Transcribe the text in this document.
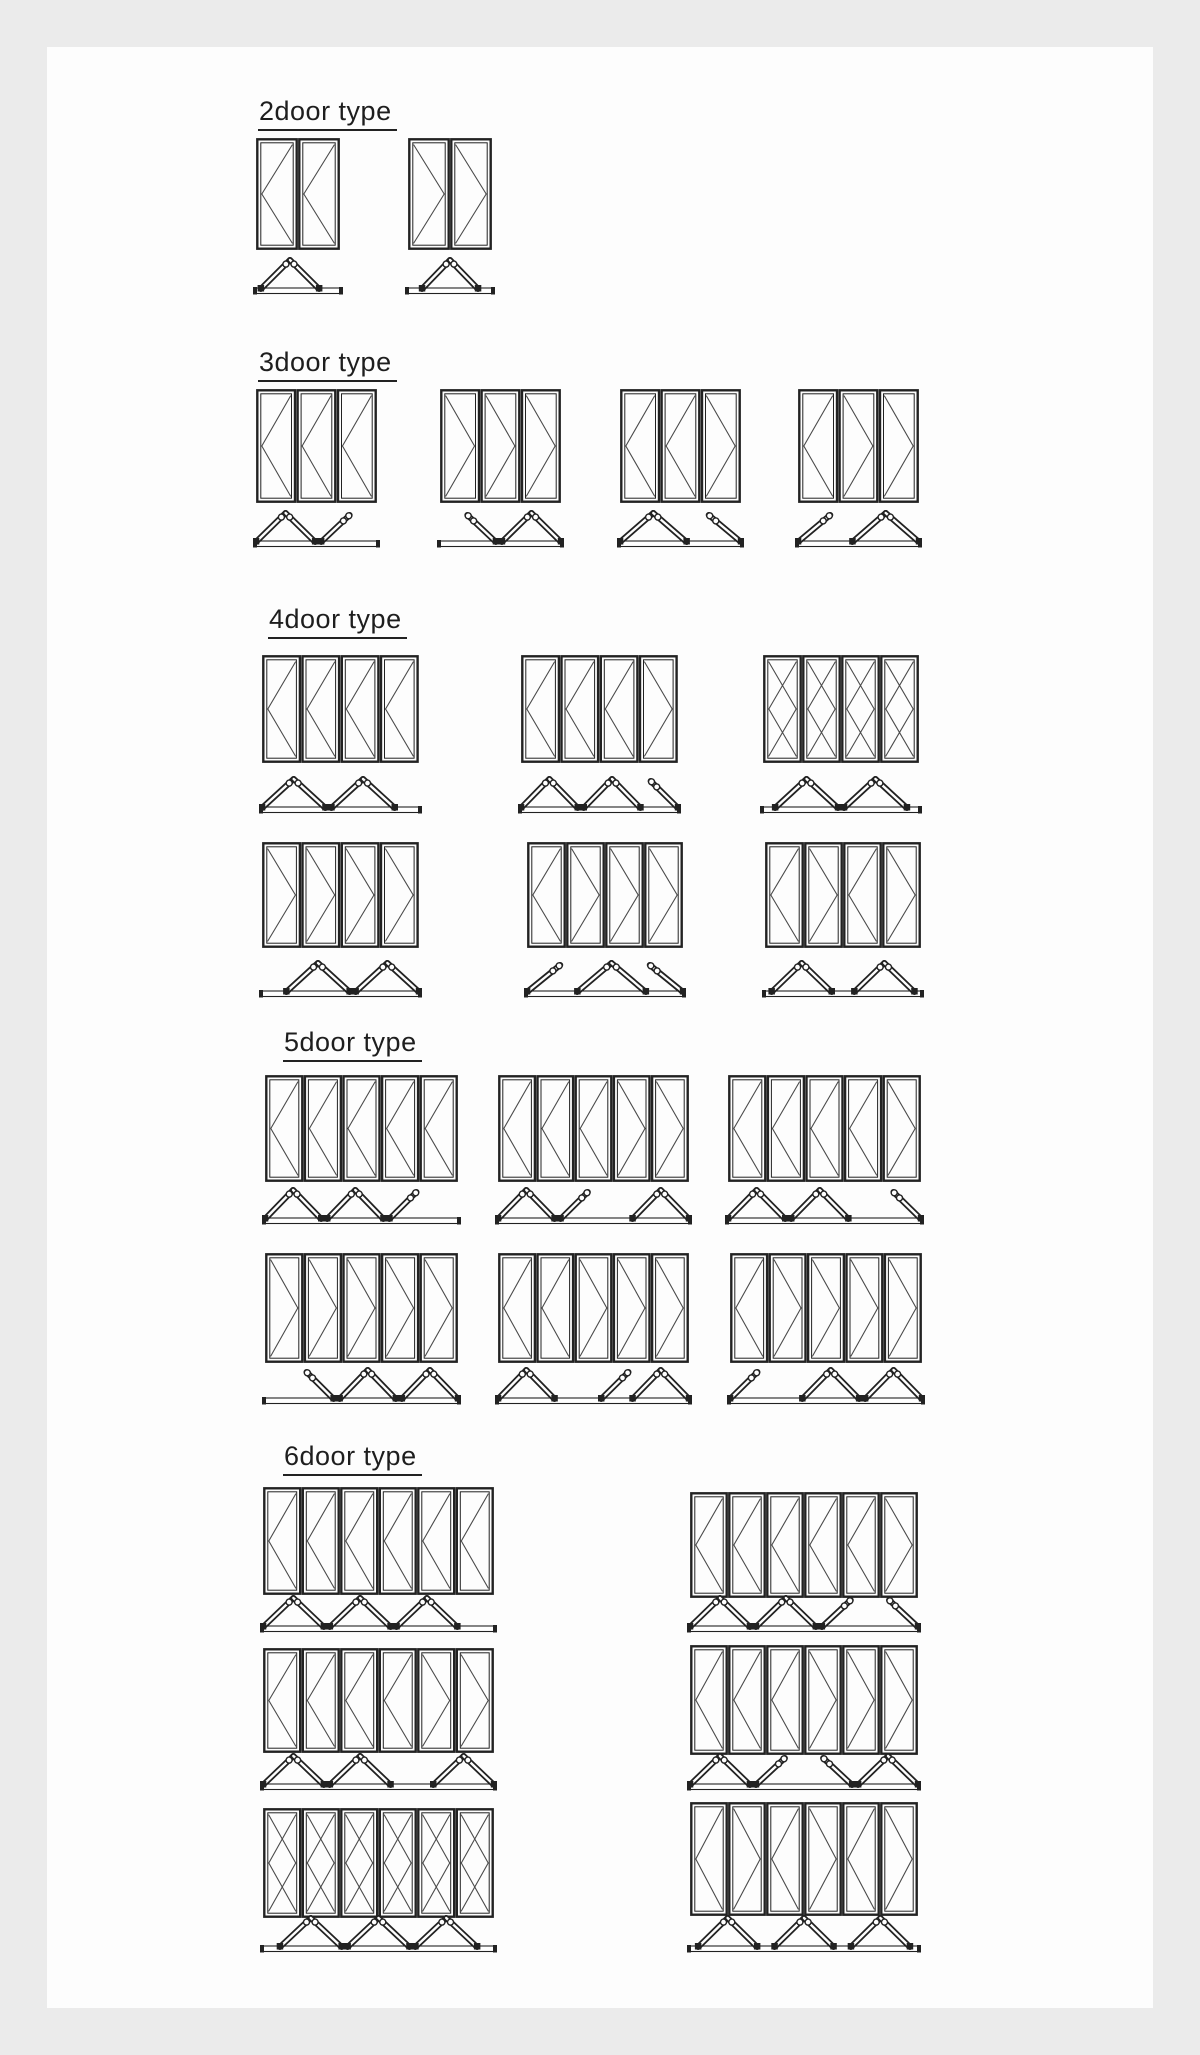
2door type
3door type
4door type
5door type
6door type
